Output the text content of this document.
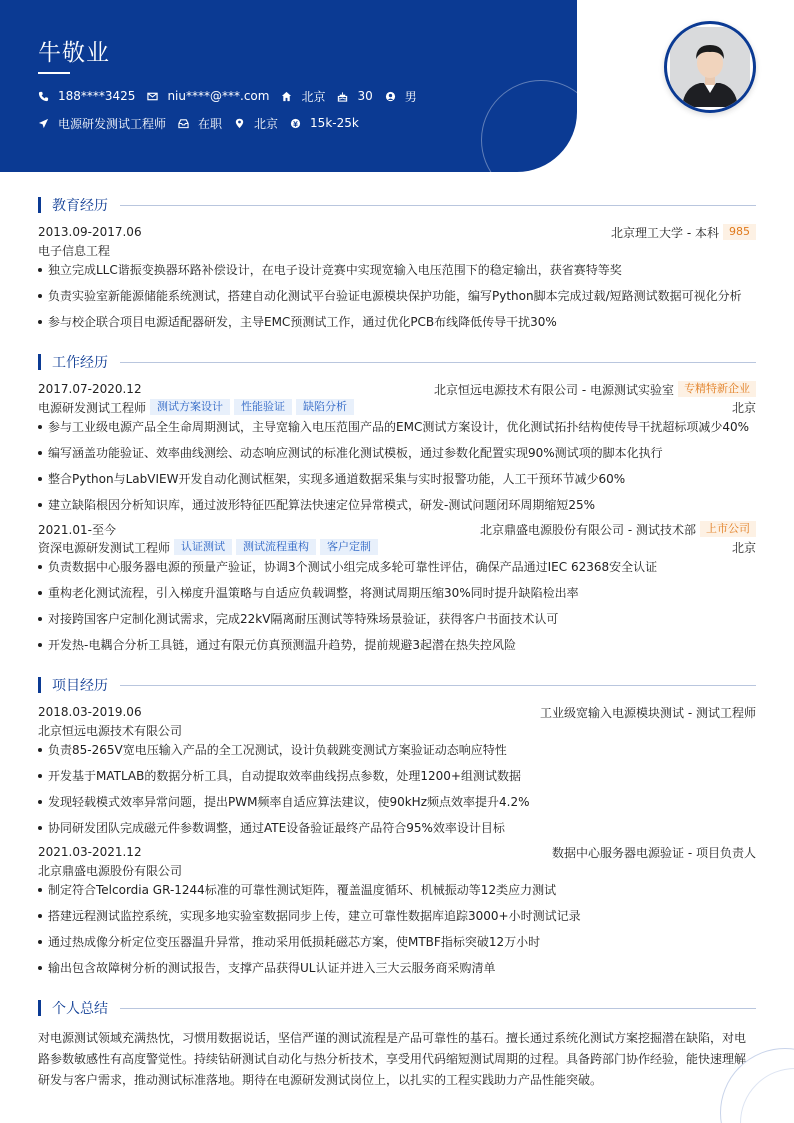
牛敬业
188****3425	niu****@***.com	北京	30	男
电源研发测试工程师	在职	北京	15k-25k
教育经历
2013.09-2017.06	北京理工大学 - 本科 985
电子信息工程
独立完成LLC谐振变换器环路补偿设计，在电子设计竞赛中实现宽输入电压范围下的稳定输出，获省赛特等奖
负责实验室新能源储能系统测试，搭建自动化测试平台验证电源模块保护功能，编写Python脚本完成过载/短路测试数据可视化分析
参与校企联合项目电源适配器研发，主导EMC预测试工作，通过优化PCB布线降低传导干扰30%
工作经历
2017.07-2020.12	北京恒远电源技术有限公司 - 电源测试实验室 专精特新企业
电源研发测试工程师	测试方案设计	性能验证	缺陷分析	北京
参与工业级电源产品全生命周期测试，主导宽输入电压范围产品的EMC测试方案设计，优化测试拓扑结构使传导干扰超标项减少40%
编写涵盖功能验证、效率曲线测绘、动态响应测试的标准化测试模板，通过参数化配置实现90%测试项的脚本化执行
整合Python与LabVIEW开发自动化测试框架，实现多通道数据采集与实时报警功能，人工干预环节减少60%
建立缺陷根因分析知识库，通过波形特征匹配算法快速定位异常模式，研发-测试问题闭环周期缩短25%
2021.01-至今	北京鼎盛电源股份有限公司 - 测试技术部 上市公司
资深电源研发测试工程师	认证测试	测试流程重构	客户定制	北京
负责数据中心服务器电源的预量产验证，协调3个测试小组完成多轮可靠性评估，确保产品通过IEC 62368安全认证
重构老化测试流程，引入梯度升温策略与自适应负载调整，将测试周期压缩30%同时提升缺陷检出率
对接跨国客户定制化测试需求，完成22kV隔离耐压测试等特殊场景验证，获得客户书面技术认可
开发热-电耦合分析工具链，通过有限元仿真预测温升趋势，提前规避3起潜在热失控风险
项目经历
2018.03-2019.06	工业级宽输入电源模块测试 - 测试工程师
北京恒远电源技术有限公司
负责85-265V宽电压输入产品的全工况测试，设计负载跳变测试方案验证动态响应特性
开发基于MATLAB的数据分析工具，自动提取效率曲线拐点参数，处理1200+组测试数据
发现轻载模式效率异常问题，提出PWM频率自适应算法建议，使90kHz频点效率提升4.2%
协同研发团队完成磁元件参数调整，通过ATE设备验证最终产品符合95%效率设计目标
2021.03-2021.12	数据中心服务器电源验证 - 项目负责人
北京鼎盛电源股份有限公司
制定符合Telcordia GR-1244标准的可靠性测试矩阵，覆盖温度循环、机械振动等12类应力测试
搭建远程测试监控系统，实现多地实验室数据同步上传，建立可靠性数据库追踪3000+小时测试记录
通过热成像分析定位变压器温升异常，推动采用低损耗磁芯方案，使MTBF指标突破12万小时
输出包含故障树分析的测试报告，支撑产品获得UL认证并进入三大云服务商采购清单
个人总结
对电源测试领域充满热忱，习惯用数据说话，坚信严谨的测试流程是产品可靠性的基石。擅长通过系统化测试方案挖掘潜在缺陷，对电路参数敏感性有高度警觉性。持续钻研测试自动化与热分析技术，享受用代码缩短测试周期的过程。具备跨部门协作经验，能快速理解研发与客户需求，推动测试标准落地。期待在电源研发测试岗位上，以扎实的工程实践助力产品性能突破。
